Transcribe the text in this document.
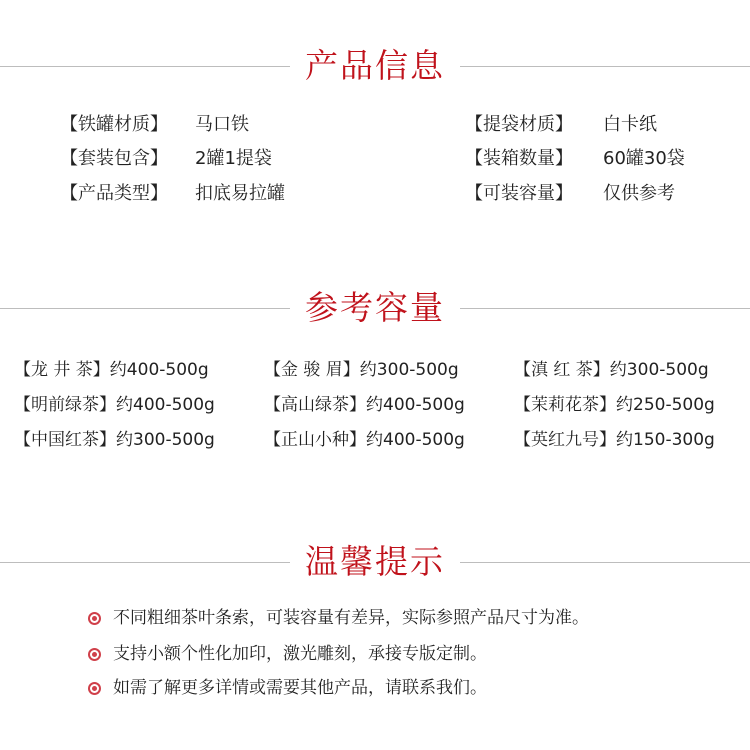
产品信息
【铁罐材质】 马口铁	【提袋材质】 白卡纸
【套装包含】 2罐1提袋	【装箱数量】 60罐30袋
【产品类型】 扣底易拉罐	【可装容量】 仅供参考
参考容量
【龙 井 茶】约400-500g	【金 骏 眉】约300-500g	【滇 红 茶】约300-500g
【明前绿茶】约400-500g	【高山绿茶】约400-500g	【茉莉花茶】约250-500g
【中国红茶】约300-500g	【正山小种】约400-500g	【英红九号】约150-300g
温馨提示
不同粗细茶叶条索，可装容量有差异，实际参照产品尺寸为准。
支持小额个性化加印，激光雕刻，承接专版定制。
如需了解更多详情或需要其他产品，请联系我们。
